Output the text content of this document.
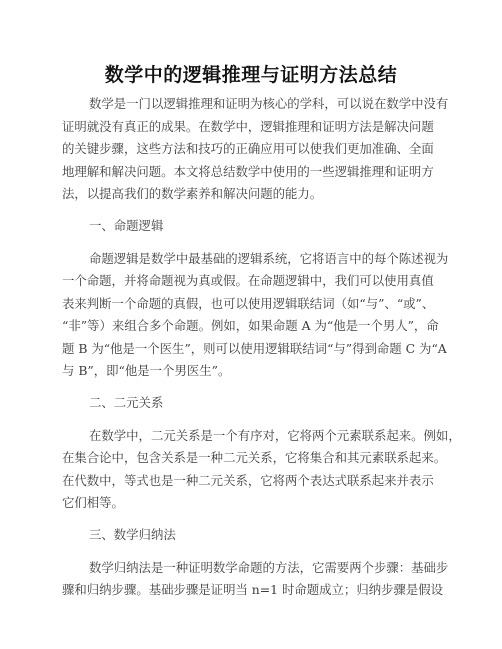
数学中的逻辑推理与证明方法总结
数学是一门以逻辑推理和证明为核心的学科，可以说在数学中没有
证明就没有真正的成果。在数学中，逻辑推理和证明方法是解决问题
的关键步骤，这些方法和技巧的正确应用可以使我们更加准确、全面
地理解和解决问题。本文将总结数学中使用的一些逻辑推理和证明方
法，以提高我们的数学素养和解决问题的能力。
一、命题逻辑
命题逻辑是数学中最基础的逻辑系统，它将语言中的每个陈述视为
一个命题，并将命题视为真或假。在命题逻辑中，我们可以使用真值
表来判断一个命题的真假，也可以使用逻辑联结词（如“与”、“或”、
“非”等）来组合多个命题。例如，如果命题 A 为“他是一个男人”，命
题 B 为“他是一个医生”，则可以使用逻辑联结词“与”得到命题 C 为“A
与 B”，即“他是一个男医生”。
二、二元关系
在数学中，二元关系是一个有序对，它将两个元素联系起来。例如，
在集合论中，包含关系是一种二元关系，它将集合和其元素联系起来。
在代数中，等式也是一种二元关系，它将两个表达式联系起来并表示
它们相等。
三、数学归纳法
数学归纳法是一种证明数学命题的方法，它需要两个步骤：基础步
骤和归纳步骤。基础步骤是证明当 n=1 时命题成立；归纳步骤是假设
